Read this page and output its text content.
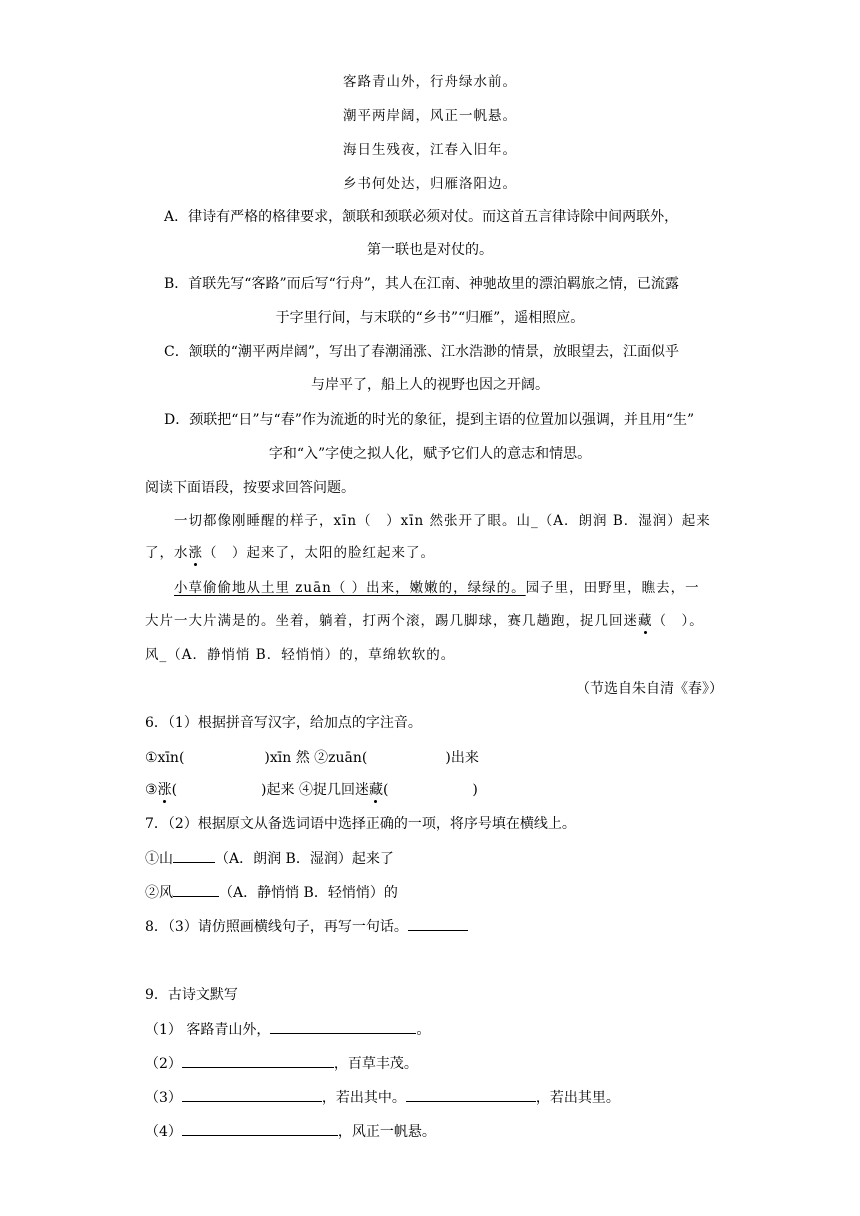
客路青山外，行舟绿水前。
潮平两岸阔，风正一帆悬。
海日生残夜，江春入旧年。
乡书何处达，归雁洛阳边。
A．律诗有严格的格律要求，颔联和颈联必须对仗。而这首五言律诗除中间两联外，
第一联也是对仗的。
B．首联先写“客路”而后写“行舟”，其人在江南、神驰故里的漂泊羁旅之情，已流露
于字里行间，与末联的“乡书”“归雁”，遥相照应。
C．颔联的“潮平两岸阔”，写出了春潮涌涨、江水浩渺的情景，放眼望去，江面似乎
与岸平了，船上人的视野也因之开阔。
D．颈联把“日”与“春”作为流逝的时光的象征，提到主语的位置加以强调，并且用“生”
字和“入”字使之拟人化，赋予它们人的意志和情思。
阅读下面语段，按要求回答问题。
一切都像刚睡醒的样子，xīn（　）xīn 然张开了眼。山_（A．朗润 B．湿润）起来
了，水涨（　）起来了，太阳的脸红起来了。
小草偷偷地从土里 zuān（ ）出来，嫩嫩的，绿绿的。园子里，田野里，瞧去，一
大片一大片满是的。坐着，躺着，打两个滚，踢几脚球，赛几趟跑，捉几回迷藏（　）。
风_（A．静悄悄 B．轻悄悄）的，草绵软软的。
（节选自朱自清《春》）
6．（1）根据拼音写汉字，给加点的字注音。
①xīn(	)xīn 然 ②zuān(	)出来
③涨(	)起来 ④捉几回迷藏(	)
7．（2）根据原文从备选词语中选择正确的一项，将序号填在横线上。
①山	（A．朗润 B．湿润）起来了
②风	（A．静悄悄 B．轻悄悄）的
8．（3）请仿照画横线句子，再写一句话。
9．古诗文默写
（1） 客路青山外，	。
（2）	，百草丰茂。
（3）	，若出其中。	，若出其里。
（4）	，风正一帆悬。
